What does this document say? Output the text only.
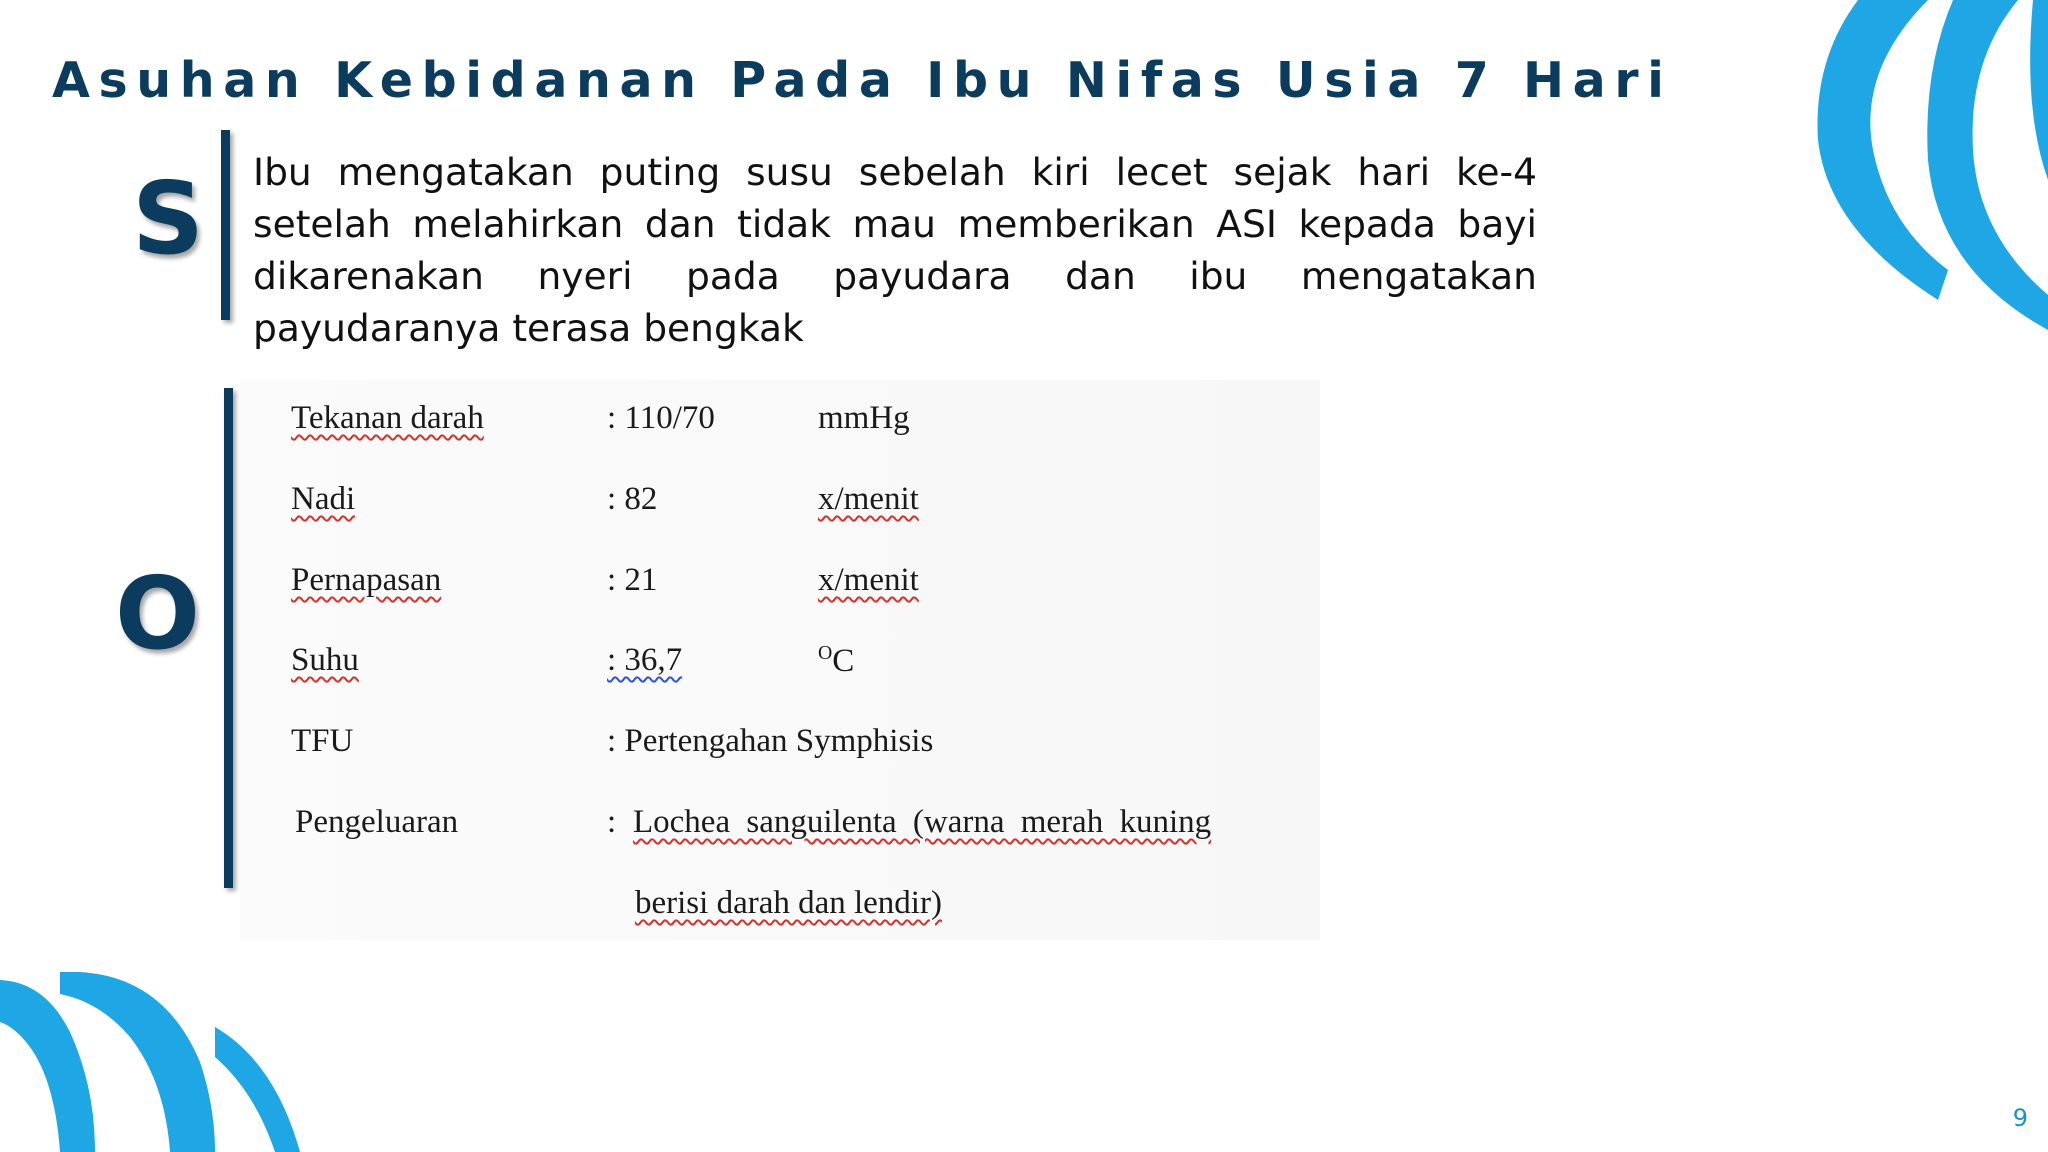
Asuhan Kebidanan Pada Ibu Nifas Usia 7 Hari
S Ibu mengatakan puting susu sebelah kiri lecet sejak hari ke-4 setelah melahirkan dan tidak mau memberikan ASI kepada bayi dikarenakan nyeri pada payudara dan ibu mengatakan payudaranya terasa bengkak
O
Tekanan darah	: 110/70	mmHg
Nadi	: 82	x/menit
Pernapasan	: 21	x/menit
Suhu	: 36,7	$^O$C
TFU	: Pertengahan Symphisis
Pengeluaran	: Lochea sanguilenta (warna merah kuning
berisi darah dan lendir)
9
